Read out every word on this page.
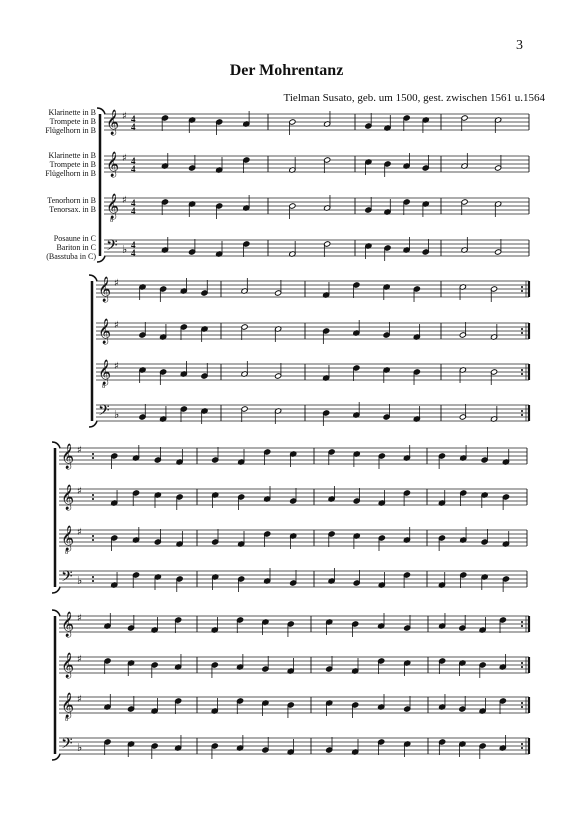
3
Der Mohrentanz
Tielman Susato, geb. um 1500, gest. zwischen 1561 u.1564
Klarinette in B
Trompete in B
Flügelhorn in B
Klarinette in B
Trompete in B
Flügelhorn in B
Tenorhorn in B
Tenorsax. in B
Posaune in C
Bariton in C
(Basstuba in C)
𝄞 ♯ 4
4
𝄞 ♯ 4
4
𝄞 ♯
8
4
4
𝄢 ♭ 4
4
𝄞 ♯
𝄞 ♯
𝄞 ♯
8
𝄢 ♭
𝄞 ♯
𝄞 ♯
𝄞 ♯
8
𝄢 ♭
𝄞 ♯
𝄞 ♯
𝄞 ♯
8
𝄢 ♭
